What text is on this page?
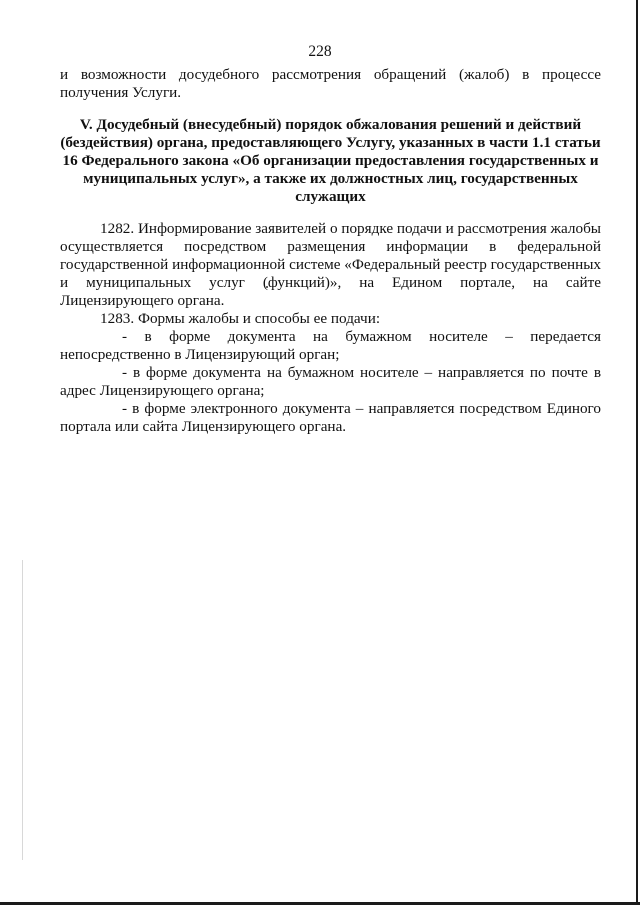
228

и возможности досудебного рассмотрения обращений (жалоб) в процессе получения Услуги.

V. Досудебный (внесудебный) порядок обжалования решений и действий (бездействия) органа, предоставляющего Услугу, указанных в части 1.1 статьи 16 Федерального закона «Об организации предоставления государственных и муниципальных услуг», а также их должностных лиц, государственных служащих

1282. Информирование заявителей о порядке подачи и рассмотрения жалобы осуществляется посредством размещения информации в федеральной государственной информационной системе «Федеральный реестр государственных и муниципальных услуг (функций)», на Едином портале, на сайте Лицензирующего органа.

1283. Формы жалобы и способы ее подачи:

- в форме документа на бумажном носителе – передается непосредственно в Лицензирующий орган;

- в форме документа на бумажном носителе – направляется по почте в адрес Лицензирующего органа;

- в форме электронного документа – направляется посредством Единого портала или сайта Лицензирующего органа.
